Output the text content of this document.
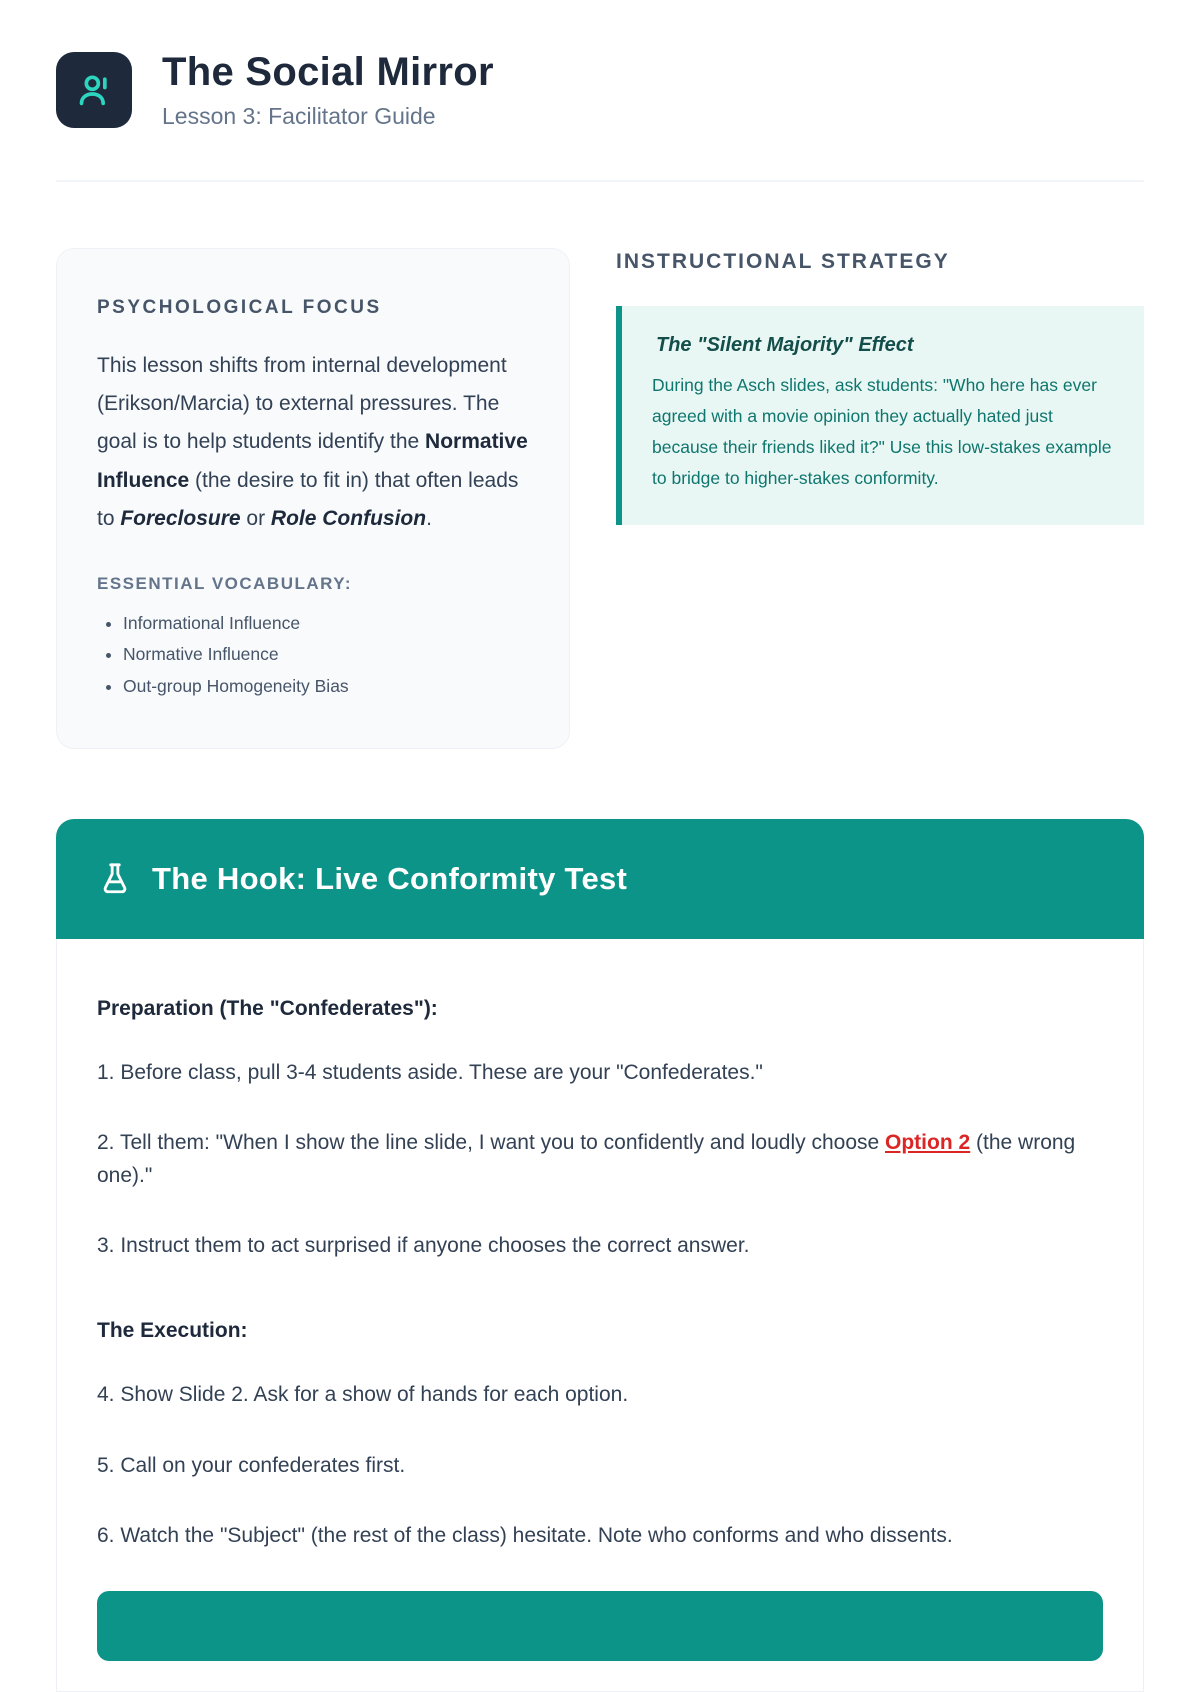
The Social Mirror
Lesson 3: Facilitator Guide
PSYCHOLOGICAL FOCUS
This lesson shifts from internal development (Erikson/Marcia) to external pressures. The goal is to help students identify the Normative Influence (the desire to fit in) that often leads to Foreclosure or Role Confusion.
ESSENTIAL VOCABULARY:
• Informational Influence
• Normative Influence
• Out-group Homogeneity Bias
INSTRUCTIONAL STRATEGY
The "Silent Majority" Effect
During the Asch slides, ask students: "Who here has ever agreed with a movie opinion they actually hated just because their friends liked it?" Use this low-stakes example to bridge to higher-stakes conformity.
The Hook: Live Conformity Test
Preparation (The "Confederates"):
1. Before class, pull 3-4 students aside. These are your "Confederates."
2. Tell them: "When I show the line slide, I want you to confidently and loudly choose Option 2 (the wrong one)."
3. Instruct them to act surprised if anyone chooses the correct answer.
The Execution:
4. Show Slide 2. Ask for a show of hands for each option.
5. Call on your confederates first.
6. Watch the "Subject" (the rest of the class) hesitate. Note who conforms and who dissents.
